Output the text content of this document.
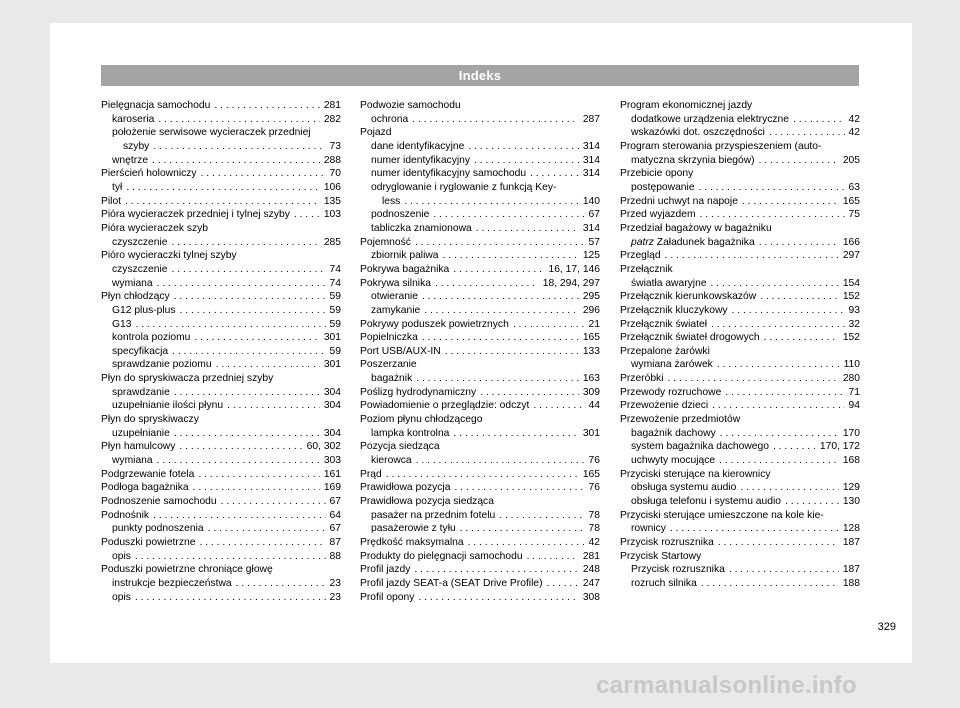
Indeks
Pielęgnacja samochodu . . .	281
karoseria . . .	282
położenie serwisowe wycieraczek przedniej
szyby . . .	73
wnętrze . . .	288
Pierścień holowniczy . . .	70
tył . . .	106
Pilot . . .	135
Pióra wycieraczek przedniej i tylnej szyby . . .	103
Pióra wycieraczek szyb
czyszczenie . . .	285
Pióro wycieraczki tylnej szyby
czyszczenie . . .	74
wymiana . . .	74
Płyn chłodzący . . .	59
G12 plus-plus . . .	59
G13 . . .	59
kontrola poziomu . . .	301
specyfikacja . . .	59
sprawdzanie poziomu . . .	301
Płyn do spryskiwacza przedniej szyby
sprawdzanie . . .	304
uzupełnianie ilości płynu . . .	304
Płyn do spryskiwaczy
uzupełnianie . . .	304
Płyn hamulcowy . . .	60, 302
wymiana . . .	303
Podgrzewanie fotela . . .	161
Podłoga bagażnika . . .	169
Podnoszenie samochodu . . .	67
Podnośnik . . .	64
punkty podnoszenia . . .	67
Poduszki powietrzne . . .	87
opis . . .	88
Poduszki powietrzne chroniące głowę
instrukcje bezpieczeństwa . . .	23
opis . . .	23
Podwozie samochodu
ochrona . . .	287
Pojazd
dane identyfikacyjne . . .	314
numer identyfikacyjny . . .	314
numer identyfikacyjny samochodu . . .	314
odryglowanie i ryglowanie z funkcją Key-
less . . .	140
podnoszenie . . .	67
tabliczka znamionowa . . .	314
Pojemność . . .	57
zbiornik paliwa . . .	125
Pokrywa bagażnika . . .	16, 17, 146
Pokrywa silnika . . .	18, 294, 297
otwieranie . . .	295
zamykanie . . .	296
Pokrywy poduszek powietrznych . . .	21
Popielniczka . . .	165
Port USB/AUX-IN . . .	133
Poszerzanie
bagażnik . . .	163
Poślizg hydrodynamiczny . . .	309
Powiadomienie o przeglądzie: odczyt . . .	44
Poziom płynu chłodzącego
lampka kontrolna . . .	301
Pozycja siedząca
kierowca . . .	76
Prąd . . .	165
Prawidłowa pozycja . . .	76
Prawidłowa pozycja siedząca
pasażer na przednim fotelu . . .	78
pasażerowie z tyłu . . .	78
Prędkość maksymalna . . .	42
Produkty do pielęgnacji samochodu . . .	281
Profil jazdy . . .	248
Profil jazdy SEAT-a (SEAT Drive Profile) . . .	247
Profil opony . . .	308
Program ekonomicznej jazdy
dodatkowe urządzenia elektryczne . . .	42
wskazówki dot. oszczędności . . .	42
Program sterowania przyspieszeniem (auto-
matyczna skrzynia biegów) . . .	205
Przebicie opony
postępowanie . . .	63
Przedni uchwyt na napoje . . .	165
Przed wyjazdem . . .	75
Przedział bagażowy w bagażniku
patrz Załadunek bagażnika . . .	166
Przegląd . . .	297
Przełącznik
światła awaryjne . . .	154
Przełącznik kierunkowskazów . . .	152
Przełącznik kluczykowy . . .	93
Przełącznik świateł . . .	32
Przełącznik świateł drogowych . . .	152
Przepalone żarówki
wymiana żarówek . . .	110
Przeróbki . . .	280
Przewody rozruchowe . . .	71
Przewożenie dzieci . . .	94
Przewożenie przedmiotów
bagażnik dachowy . . .	170
system bagażnika dachowego . . .	170, 172
uchwyty mocujące . . .	168
Przyciski sterujące na kierownicy
obsługa systemu audio . . .	129
obsługa telefonu i systemu audio . . .	130
Przyciski sterujące umieszczone na kole kie-
rownicy . . .	128
Przycisk rozrusznika . . .	187
Przycisk Startowy
Przycisk rozrusznika . . .	187
rozruch silnika . . .	188
329
carmanualsonline.info
